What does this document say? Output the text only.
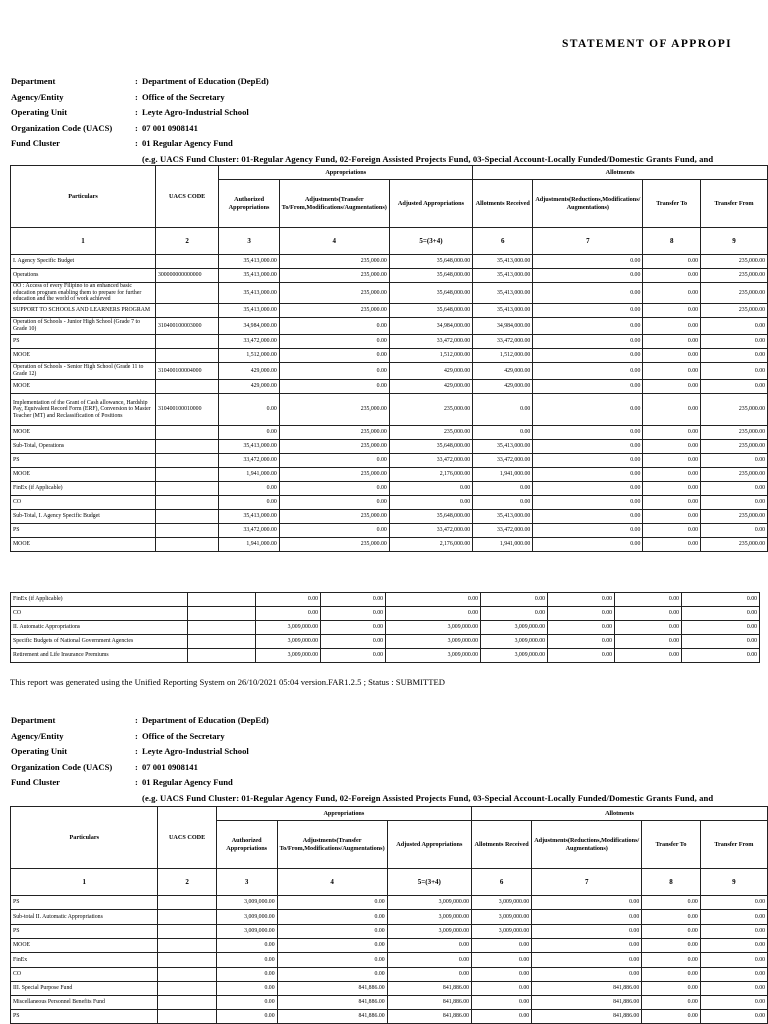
STATEMENT OF APPROPI
Department	: Department of Education (DepEd)
Agency/Entity	: Office of the Secretary
Operating Unit	: Leyte Agro-Industrial School
Organization Code (UACS)	: 07 001 0908141
Fund Cluster	: 01 Regular Agency Fund
(e.g. UACS Fund Cluster: 01-Regular Agency Fund, 02-Foreign Assisted Projects Fund, 03-Special Account-Locally Funded/Domestic Grants Fund, and
Particulars	UACS CODE	Appropriations			Allotments			
		Authorized Appropriations	Adjustments(Transfer To/From,Modifications/Augmentations)	Adjusted Appropriations	Allotments Received	Adjustments(Reductions,Modifications/ Augmentations)	Transfer To	Transfer From
1	2	3	4	5=(3+4)	6	7	8	9
I. Agency Specific Budget		35,413,000.00	235,000.00	35,648,000.00	35,413,000.00	0.00	0.00	235,000.00
Operations	300000000000000	35,413,000.00	235,000.00	35,648,000.00	35,413,000.00	0.00	0.00	235,000.00
OO : Access of every Filipino to an enhanced basic education program enabling them to prepare for further education and the world of work achieved		35,413,000.00	235,000.00	35,648,000.00	35,413,000.00	0.00	0.00	235,000.00
SUPPORT TO SCHOOLS AND LEARNERS PROGRAM		35,413,000.00	235,000.00	35,648,000.00	35,413,000.00	0.00	0.00	235,000.00
Operation of Schools - Junior High School (Grade 7 to Grade 10)	310400100003000	34,984,000.00	0.00	34,984,000.00	34,984,000.00	0.00	0.00	0.00
PS		33,472,000.00	0.00	33,472,000.00	33,472,000.00	0.00	0.00	0.00
MOOE		1,512,000.00	0.00	1,512,000.00	1,512,000.00	0.00	0.00	0.00
Operation of Schools - Senior High School (Grade 11 to Grade 12)	310400100004000	429,000.00	0.00	429,000.00	429,000.00	0.00	0.00	0.00
MOOE		429,000.00	0.00	429,000.00	429,000.00	0.00	0.00	0.00
Implementation of the Grant of Cash allowance, Hardship Pay, Equivalent Record Form (ERF), Conversion to Master Teacher (MT) and Reclassification of Positions	310400100010000	0.00	235,000.00	235,000.00	0.00	0.00	0.00	235,000.00
MOOE		0.00	235,000.00	235,000.00	0.00	0.00	0.00	235,000.00
Sub-Total, Operations		35,413,000.00	235,000.00	35,648,000.00	35,413,000.00	0.00	0.00	235,000.00
PS		33,472,000.00	0.00	33,472,000.00	33,472,000.00	0.00	0.00	0.00
MOOE		1,941,000.00	235,000.00	2,176,000.00	1,941,000.00	0.00	0.00	235,000.00
FinEx (if Applicable)		0.00	0.00	0.00	0.00	0.00	0.00	0.00
CO		0.00	0.00	0.00	0.00	0.00	0.00	0.00
Sub-Total, I. Agency Specific Budget		35,413,000.00	235,000.00	35,648,000.00	35,413,000.00	0.00	0.00	235,000.00
PS		33,472,000.00	0.00	33,472,000.00	33,472,000.00	0.00	0.00	0.00
MOOE		1,941,000.00	235,000.00	2,176,000.00	1,941,000.00	0.00	0.00	235,000.00
FinEx (if Applicable)		0.00	0.00	0.00	0.00	0.00	0.00	0.00
CO		0.00	0.00	0.00	0.00	0.00	0.00	0.00
II. Automatic Appropriations		3,009,000.00	0.00	3,009,000.00	3,009,000.00	0.00	0.00	0.00
Specific Budgets of National Government Agencies		3,009,000.00	0.00	3,009,000.00	3,009,000.00	0.00	0.00	0.00
Retirement and Life Insurance Premiums		3,009,000.00	0.00	3,009,000.00	3,009,000.00	0.00	0.00	0.00
This report was generated using the Unified Reporting System on 26/10/2021 05:04 version.FAR1.2.5 ; Status : SUBMITTED
Department	: Department of Education (DepEd)
Agency/Entity	: Office of the Secretary
Operating Unit	: Leyte Agro-Industrial School
Organization Code (UACS)	: 07 001 0908141
Fund Cluster	: 01 Regular Agency Fund
(e.g. UACS Fund Cluster: 01-Regular Agency Fund, 02-Foreign Assisted Projects Fund, 03-Special Account-Locally Funded/Domestic Grants Fund, and
Particulars	UACS CODE	Appropriations			Allotments			
		Authorized Appropriations	Adjustments(Transfer To/From,Modifications/Augmentations)	Adjusted Appropriations	Allotments Received	Adjustments(Reductions,Modifications/ Augmentations)	Transfer To	Transfer From
1	2	3	4	5=(3+4)	6	7	8	9
PS		3,009,000.00	0.00	3,009,000.00	3,009,000.00	0.00	0.00	0.00
Sub-total II. Automatic Appropriations		3,009,000.00	0.00	3,009,000.00	3,009,000.00	0.00	0.00	0.00
PS		3,009,000.00	0.00	3,009,000.00	3,009,000.00	0.00	0.00	0.00
MOOE		0.00	0.00	0.00	0.00	0.00	0.00	0.00
FinEx		0.00	0.00	0.00	0.00	0.00	0.00	0.00
CO		0.00	0.00	0.00	0.00	0.00	0.00	0.00
III. Special Purpose Fund		0.00	841,886.00	841,886.00	0.00	841,886.00	0.00	0.00
Miscellaneous Personnel Benefits Fund		0.00	841,886.00	841,886.00	0.00	841,886.00	0.00	0.00
PS		0.00	841,886.00	841,886.00	0.00	841,886.00	0.00	0.00
